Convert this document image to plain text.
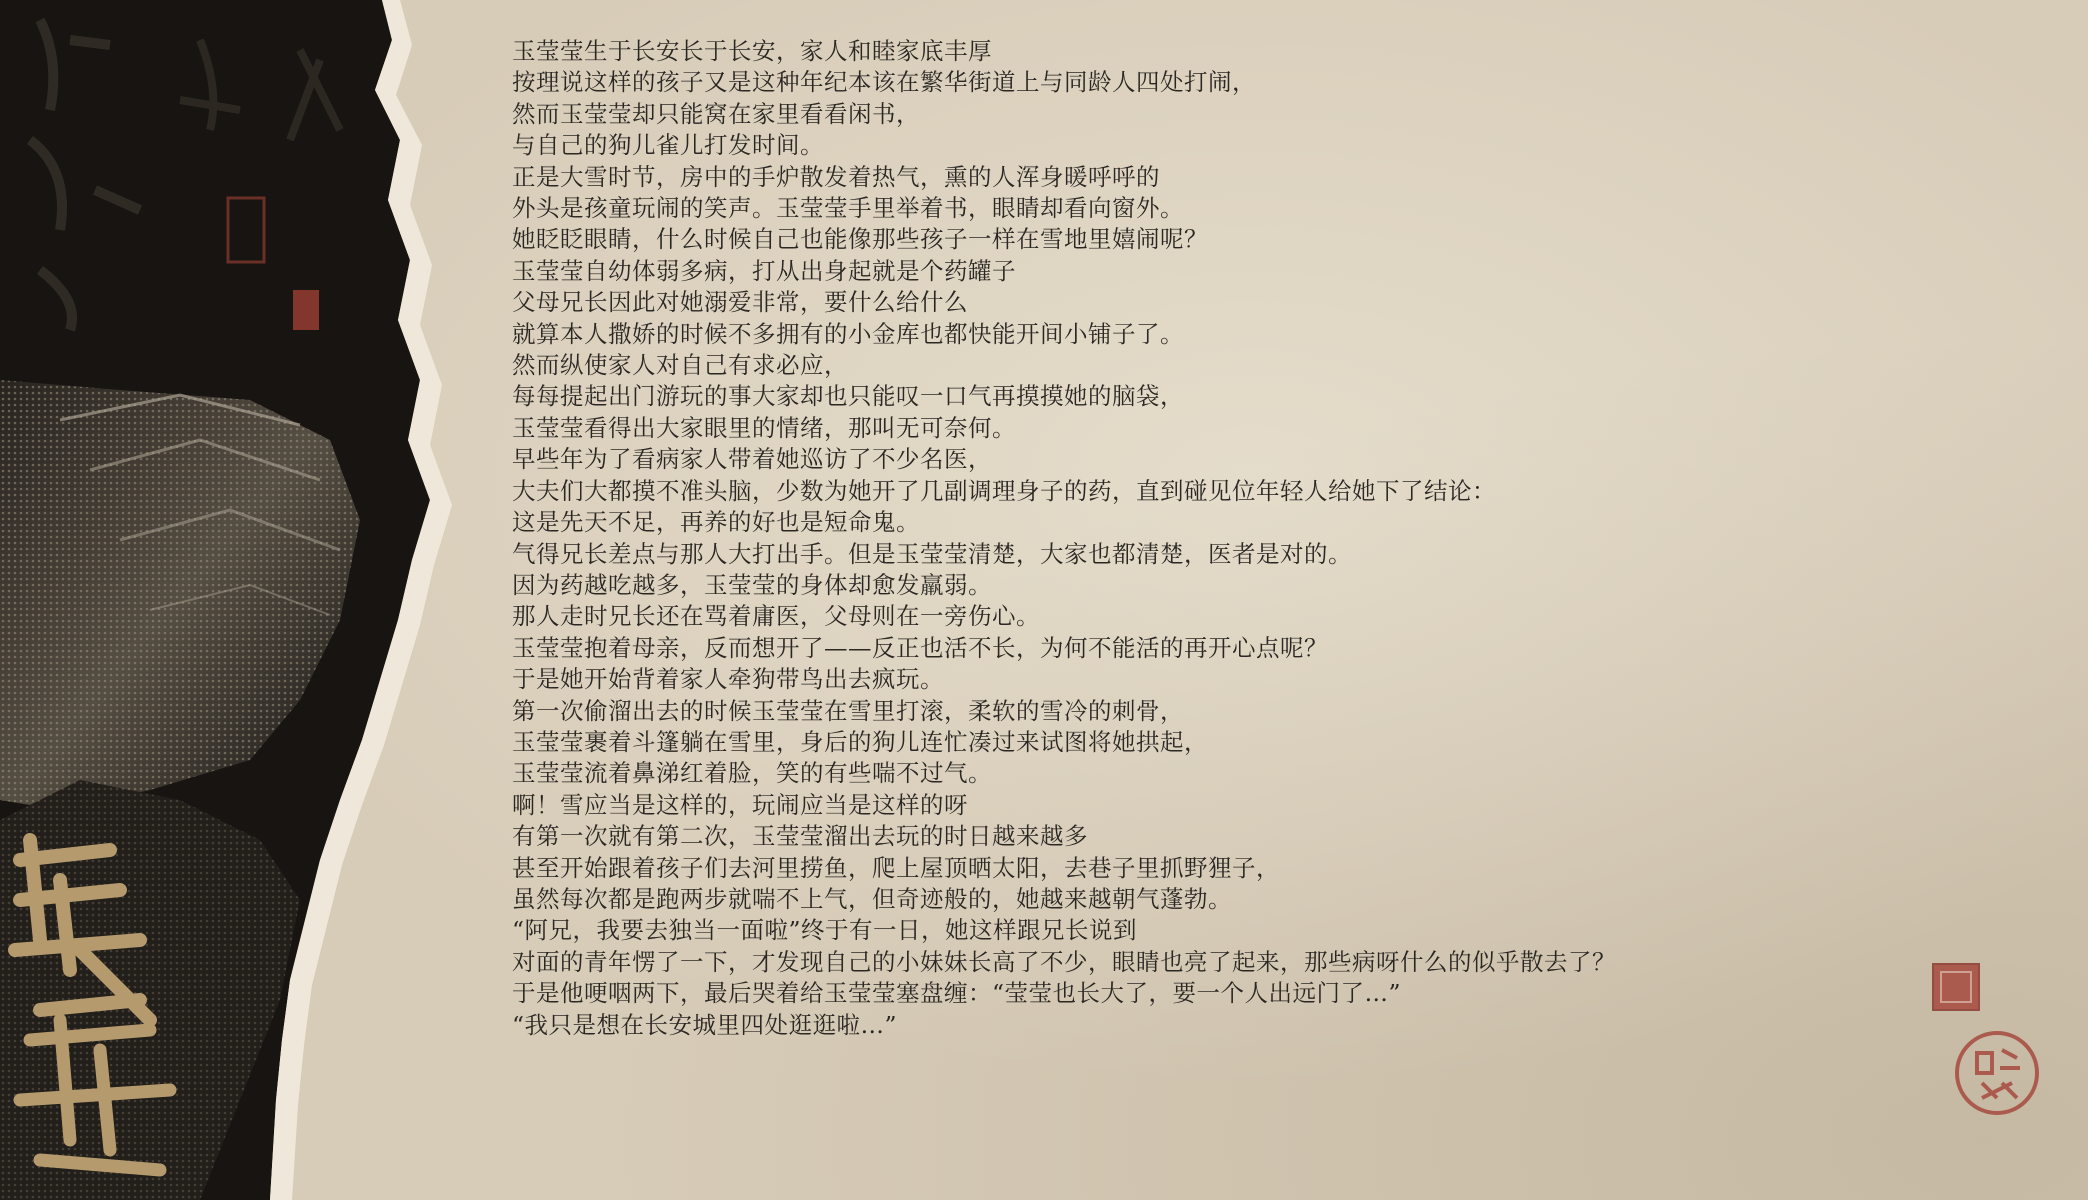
玉莹莹生于长安长于长安，家人和睦家底丰厚

按理说这样的孩子又是这种年纪本该在繁华街道上与同龄人四处打闹，

然而玉莹莹却只能窝在家里看看闲书，

与自己的狗儿雀儿打发时间。

正是大雪时节，房中的手炉散发着热气，熏的人浑身暖呼呼的

外头是孩童玩闹的笑声。玉莹莹手里举着书，眼睛却看向窗外。

她眨眨眼睛，什么时候自己也能像那些孩子一样在雪地里嬉闹呢？

玉莹莹自幼体弱多病，打从出身起就是个药罐子

父母兄长因此对她溺爱非常，要什么给什么

就算本人撒娇的时候不多拥有的小金库也都快能开间小铺子了。

然而纵使家人对自己有求必应，

每每提起出门游玩的事大家却也只能叹一口气再摸摸她的脑袋，

玉莹莹看得出大家眼里的情绪，那叫无可奈何。

早些年为了看病家人带着她巡访了不少名医，

大夫们大都摸不准头脑，少数为她开了几副调理身子的药，直到碰见位年轻人给她下了结论：

这是先天不足，再养的好也是短命鬼。

气得兄长差点与那人大打出手。但是玉莹莹清楚，大家也都清楚，医者是对的。

因为药越吃越多，玉莹莹的身体却愈发羸弱。

那人走时兄长还在骂着庸医，父母则在一旁伤心。

玉莹莹抱着母亲，反而想开了——反正也活不长，为何不能活的再开心点呢？

于是她开始背着家人牵狗带鸟出去疯玩。

第一次偷溜出去的时候玉莹莹在雪里打滚，柔软的雪冷的刺骨，

玉莹莹裹着斗篷躺在雪里，身后的狗儿连忙凑过来试图将她拱起，

玉莹莹流着鼻涕红着脸，笑的有些喘不过气。

啊！雪应当是这样的，玩闹应当是这样的呀

有第一次就有第二次，玉莹莹溜出去玩的时日越来越多

甚至开始跟着孩子们去河里捞鱼，爬上屋顶晒太阳，去巷子里抓野狸子，

虽然每次都是跑两步就喘不上气，但奇迹般的，她越来越朝气蓬勃。

“阿兄，我要去独当一面啦”终于有一日，她这样跟兄长说到

对面的青年愣了一下，才发现自己的小妹妹长高了不少，眼睛也亮了起来，那些病呀什么的似乎散去了？

于是他哽咽两下，最后哭着给玉莹莹塞盘缠：“莹莹也长大了，要一个人出远门了…”

“我只是想在长安城里四处逛逛啦…”
